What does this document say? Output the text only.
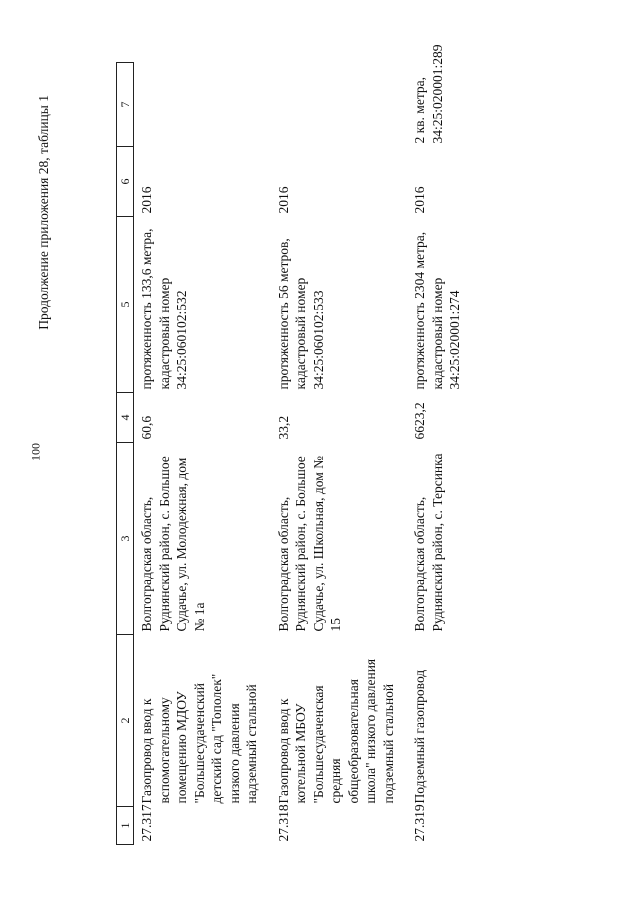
100
Продолжение приложения 28, таблицы 1
1	2	3	4	5	6	7
27.317	Газопровод ввод к вспомогательному помещению МДОУ "Большесудаченский детский сад "Тополек" низкого давления надземный стальной	Волгоградская область, Руднянский район, с. Большое Судачье, ул. Молодежная, дом № 1а	60,6	протяженность 133,6 метра, кадастровый номер 34:25:060102:532	2016	
27.318	Газопровод ввод к котельной МБОУ "Большесудаченская средняя общеобразовательная школа" низкого давления подземный стальной	Волгоградская область, Руднянский район, с. Большое Судачье, ул. Школьная, дом № 15	33,2	протяженность 56 метров, кадастровый номер 34:25:060102:533	2016	
27.319	Подземный газопровод	Волгоградская область, Руднянский район, с. Терсинка	6623,2	протяженность 2304 метра, кадастровый номер 34:25:020001:274	2016	2 кв. метра, 34:25:020001:289
